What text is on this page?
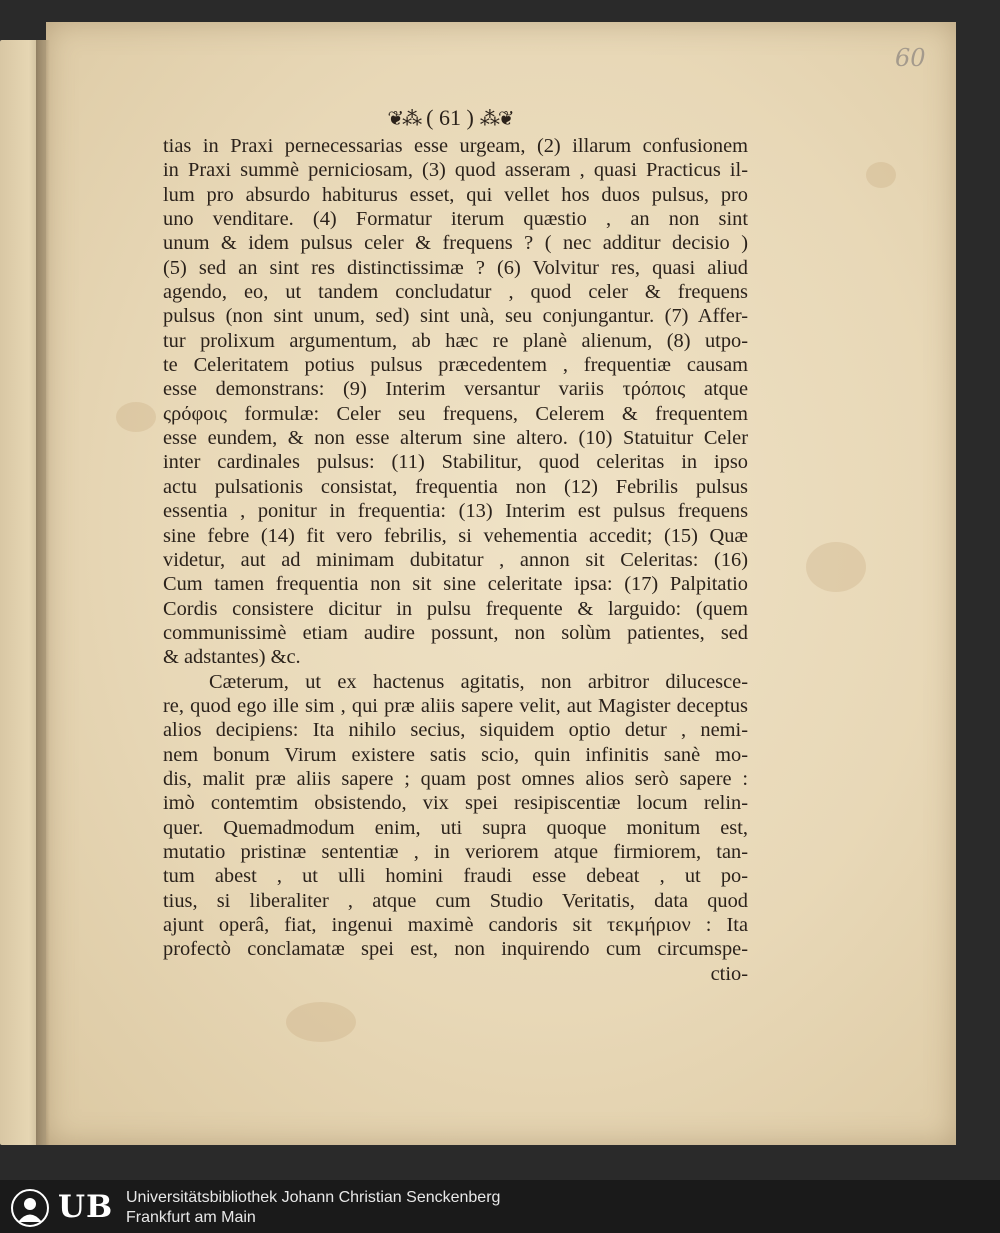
60
❦⁂ ( 61 ) ⁂❦
tias in Praxi pernecessarias esse urgeam, (2) illarum confusionem
in Praxi summè perniciosam, (3) quod asseram , quasi Practicus il-
lum pro absurdo habiturus esset, qui vellet hos duos pulsus, pro
uno venditare. (4) Formatur iterum quæstio , an non sint
unum & idem pulsus celer & frequens ? ( nec additur decisio )
(5) sed an sint res distinctissimæ ? (6) Volvitur res, quasi aliud
agendo, eo, ut tandem concludatur , quod celer & frequens
pulsus (non sint unum, sed) sint unà, seu conjungantur. (7) Affer-
tur prolixum argumentum, ab hæc re planè alienum, (8) utpo-
te Celeritatem potius pulsus præcedentem , frequentiæ causam
esse demonstrans: (9) Interim versantur variis τρόποις atque
ςρόφοις formulæ: Celer seu frequens, Celerem & frequentem
esse eundem, & non esse alterum sine altero. (10) Statuitur Celer
inter cardinales pulsus: (11) Stabilitur, quod celeritas in ipso
actu pulsationis consistat, frequentia non (12) Febrilis pulsus
essentia , ponitur in frequentia: (13) Interim est pulsus frequens
sine febre (14) fit vero febrilis, si vehementia accedit; (15) Quæ
videtur, aut ad minimam dubitatur , annon sit Celeritas: (16)
Cum tamen frequentia non sit sine celeritate ipsa: (17) Palpitatio
Cordis consistere dicitur in pulsu frequente & larguido: (quem
communissimè etiam audire possunt, non solùm patientes, sed
& adstantes) &c.
Cæterum, ut ex hactenus agitatis, non arbitror dilucesce-
re, quod ego ille sim , qui præ aliis sapere velit, aut Magister deceptus
alios decipiens: Ita nihilo secius, siquidem optio detur , nemi-
nem bonum Virum existere satis scio, quin infinitis sanè mo-
dis, malit præ aliis sapere ; quam post omnes alios serò sapere :
imò contemtim obsistendo, vix spei resipiscentiæ locum relin-
quer. Quemadmodum enim, uti supra quoque monitum est,
mutatio pristinæ sententiæ , in veriorem atque firmiorem, tan-
tum abest , ut ulli homini fraudi esse debeat , ut po-
tius, si liberaliter , atque cum Studio Veritatis, data quod
ajunt operâ, fiat, ingenui maximè candoris sit τεκμήριον : Ita
profectò conclamatæ spei est, non inquirendo cum circumspe-
ctio-
UB Universitätsbibliothek Johann Christian Senckenberg
Frankfurt am Main
